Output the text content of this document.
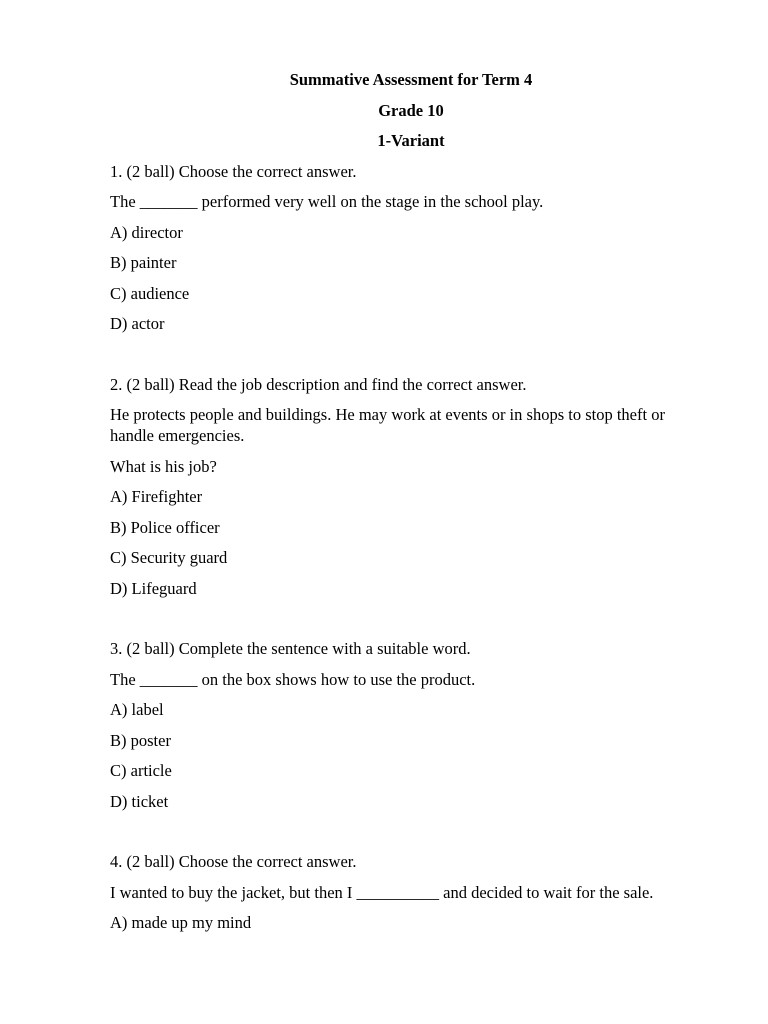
Summative Assessment for Term 4
Grade 10
1-Variant
1. (2 ball) Choose the correct answer.
The _______ performed very well on the stage in the school play.
A) director
B) painter
C) audience
D) actor
2. (2 ball) Read the job description and find the correct answer.
He protects people and buildings. He may work at events or in shops to stop theft or handle emergencies.
What is his job?
A) Firefighter
B) Police officer
C) Security guard
D) Lifeguard
3. (2 ball) Complete the sentence with a suitable word.
The _______ on the box shows how to use the product.
A) label
B) poster
C) article
D) ticket
4. (2 ball) Choose the correct answer.
I wanted to buy the jacket, but then I __________ and decided to wait for the sale.
A) made up my mind
